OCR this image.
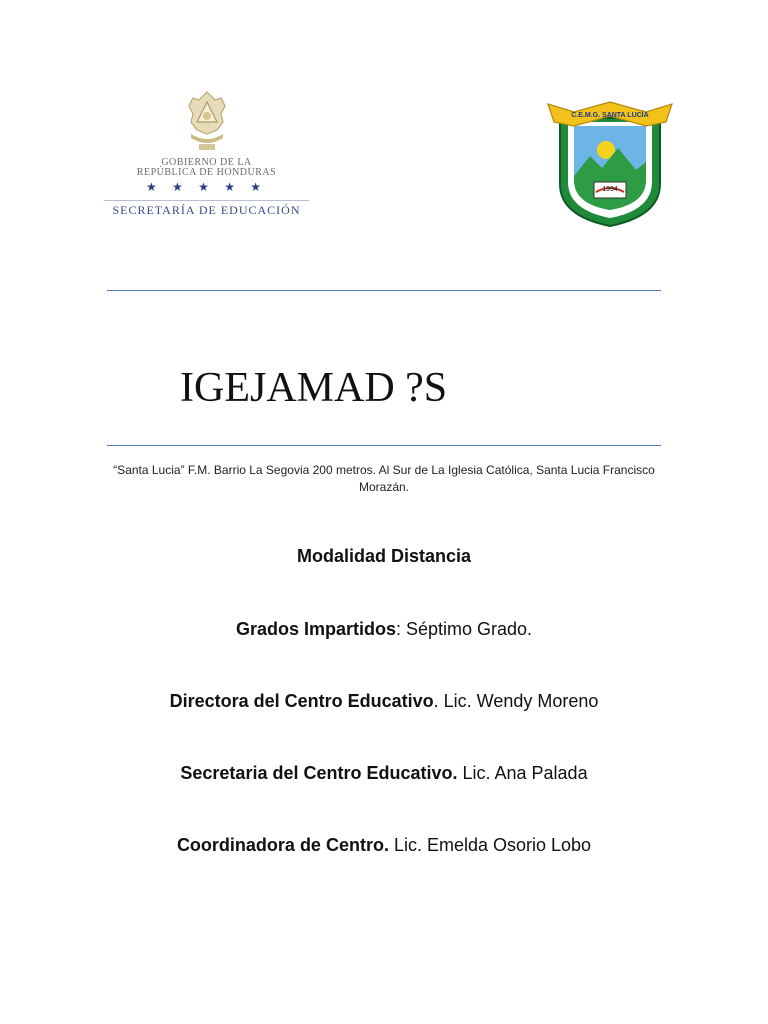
GOBIERNO DE LA
REPÚBLICA DE HONDURAS
★ ★ ★ ★ ★
SECRETARÍA DE EDUCACIÓN
1994
C.E.M.G. SANTA LUCÍA
IGEJAMAD ?S
“Santa Lucia” F.M. Barrio La Segovia 200 metros. Al Sur de La Iglesia Católica, Santa Lucia Francisco Morazán.
Modalidad Distancia
Grados Impartidos: Séptimo Grado.
Directora del Centro Educativo. Lic. Wendy Moreno
Secretaria del Centro Educativo. Lic. Ana Palada
Coordinadora de Centro. Lic. Emelda Osorio Lobo
